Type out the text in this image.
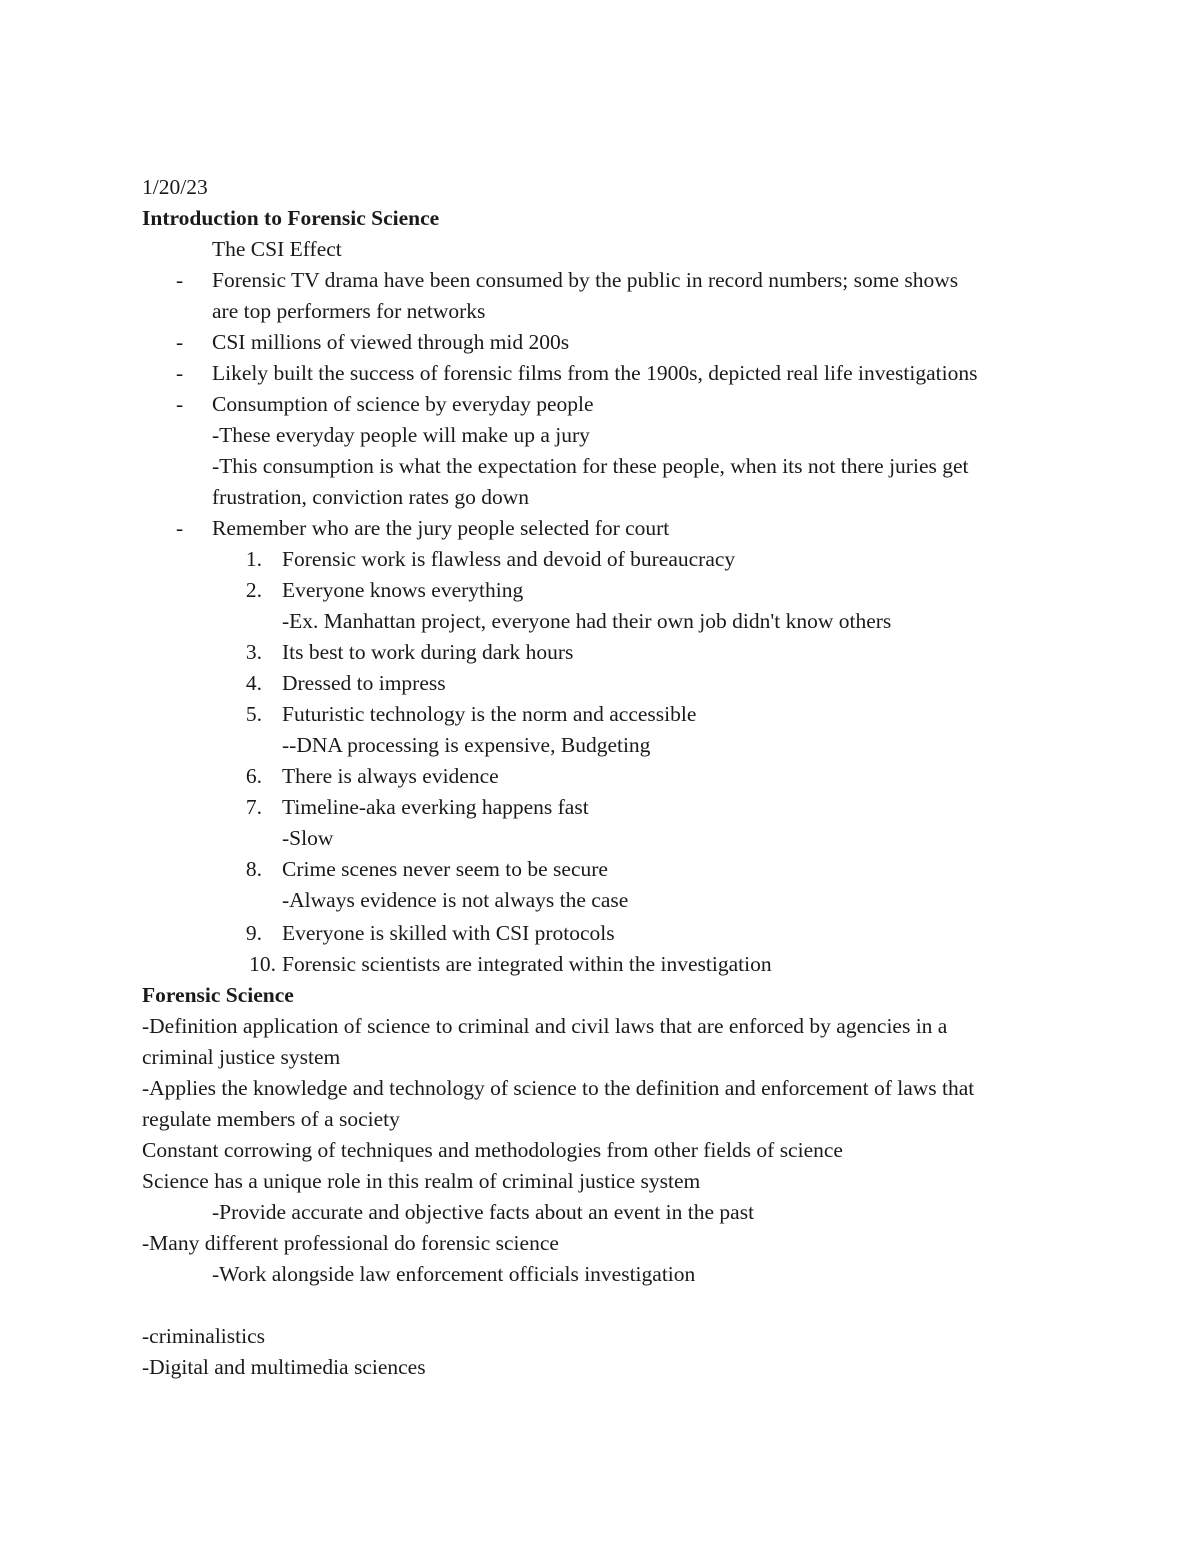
1/20/23
Introduction to Forensic Science
The CSI Effect
- Forensic TV drama have been consumed by the public in record numbers; some shows
are top performers for networks
- CSI millions of viewed through mid 200s
- Likely built the success of forensic films from the 1900s, depicted real life investigations
- Consumption of science by everyday people
-These everyday people will make up a jury
-This consumption is what the expectation for these people, when its not there juries get
frustration, conviction rates go down
- Remember who are the jury people selected for court
1. Forensic work is flawless and devoid of bureaucracy
2. Everyone knows everything
-Ex. Manhattan project, everyone had their own job didn't know others
3. Its best to work during dark hours
4. Dressed to impress
5. Futuristic technology is the norm and accessible
--DNA processing is expensive, Budgeting
6. There is always evidence
7. Timeline-aka everking happens fast
-Slow
8. Crime scenes never seem to be secure
-Always evidence is not always the case
9. Everyone is skilled with CSI protocols
10. Forensic scientists are integrated within the investigation
Forensic Science
-Definition application of science to criminal and civil laws that are enforced by agencies in a
criminal justice system
-Applies the knowledge and technology of science to the definition and enforcement of laws that
regulate members of a society
Constant corrowing of techniques and methodologies from other fields of science
Science has a unique role in this realm of criminal justice system
-Provide accurate and objective facts about an event in the past
-Many different professional do forensic science
-Work alongside law enforcement officials investigation
-criminalistics
-Digital and multimedia sciences
